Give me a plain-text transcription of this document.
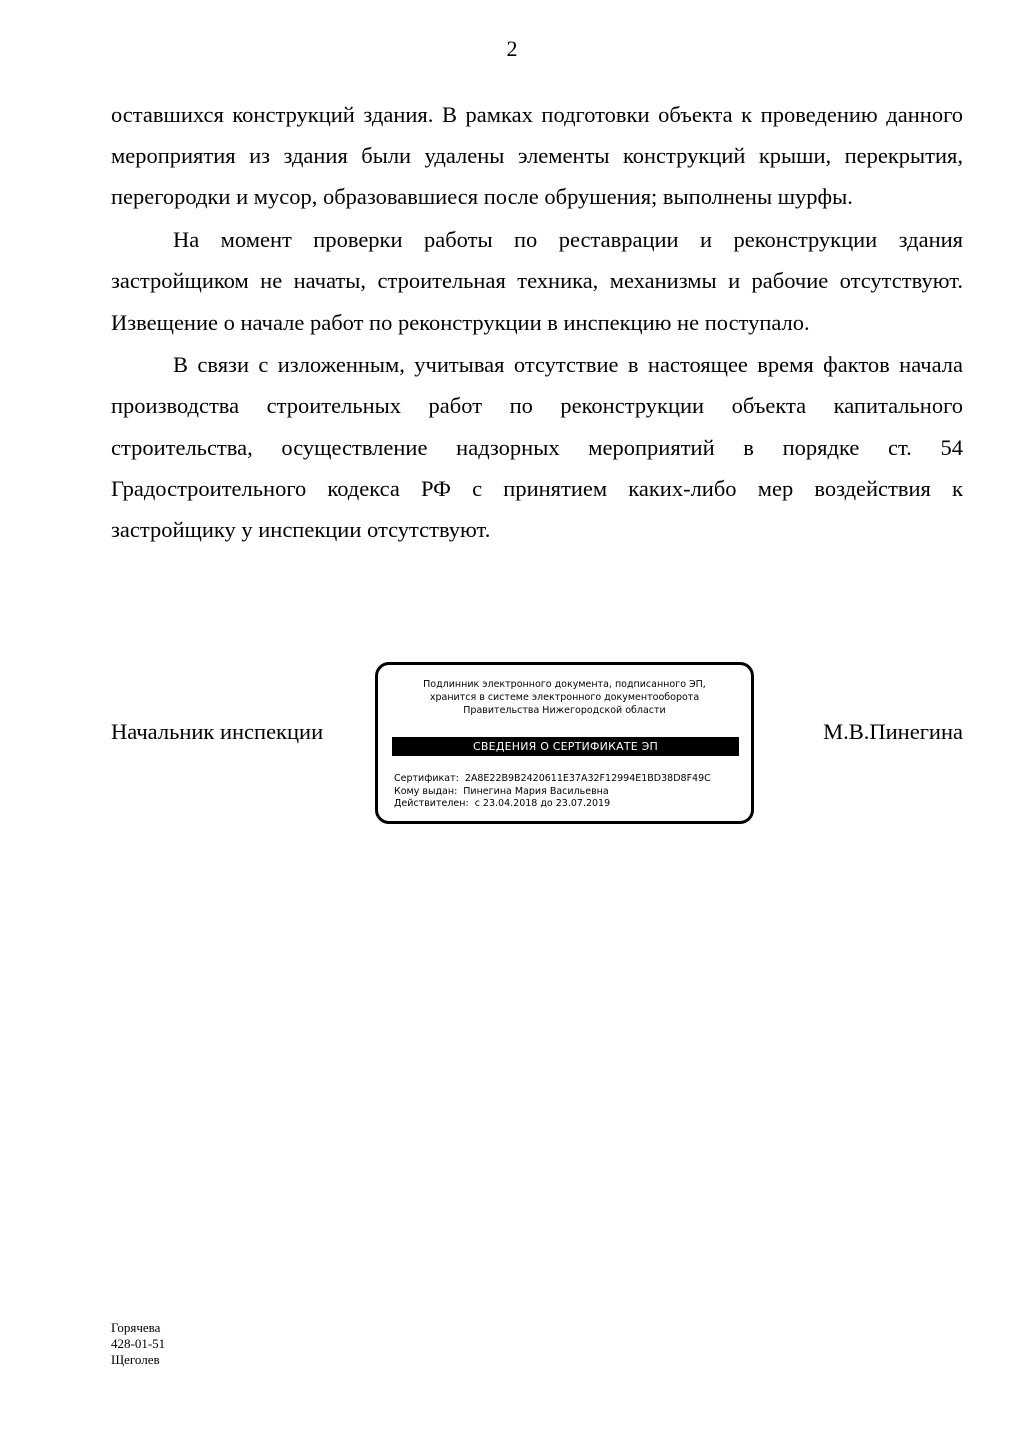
2

оставшихся конструкций здания. В рамках подготовки объекта к проведению данного мероприятия из здания были удалены элементы конструкций крыши, перекрытия, перегородки и мусор, образовавшиеся после обрушения; выполнены шурфы.

На момент проверки работы по реставрации и реконструкции здания застройщиком не начаты, строительная техника, механизмы и рабочие отсутствуют. Извещение о начале работ по реконструкции в инспекцию не поступало.

В связи с изложенным, учитывая отсутствие в настоящее время фактов начала производства строительных работ по реконструкции объекта капитального строительства, осуществление надзорных мероприятий в порядке ст. 54 Градостроительного кодекса РФ с принятием каких-либо мер воздействия к застройщику у инспекции отсутствуют.

Начальник инспекции
Подлинник электронного документа, подписанного ЭП,
хранится в системе электронного документооборота
Правительства Нижегородской области
СВЕДЕНИЯ О СЕРТИФИКАТЕ ЭП
Сертификат: 2A8E22B9B2420611E37A32F12994E1BD38D8F49C
Кому выдан: Пинегина Мария Васильевна
Действителен: с 23.04.2018 до 23.07.2019
М.В.Пинегина
Горячева
428-01-51
Щеголев
